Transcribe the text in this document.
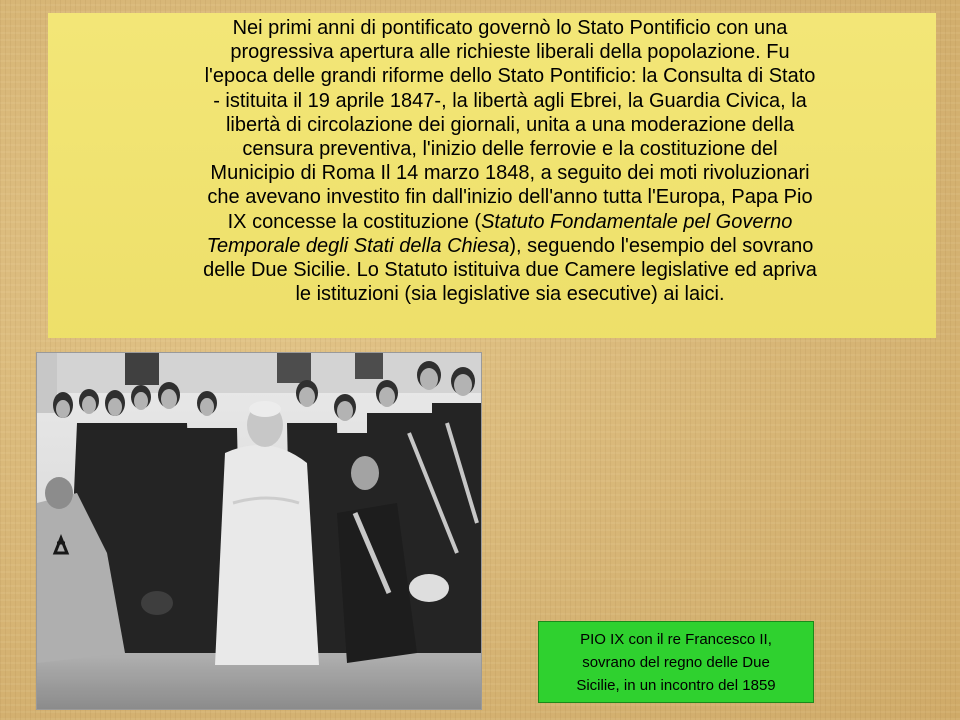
Nei primi anni di pontificato governò lo Stato Pontificio con una
progressiva apertura alle richieste liberali della popolazione. Fu
l'epoca delle grandi riforme dello Stato Pontificio: la Consulta di Stato
- istituita il 19 aprile 1847-, la libertà agli Ebrei, la Guardia Civica, la
libertà di circolazione dei giornali, unita a una moderazione della
censura preventiva, l'inizio delle ferrovie e la costituzione del
Municipio di Roma Il 14 marzo 1848, a seguito dei moti rivoluzionari
che avevano investito fin dall'inizio dell'anno tutta l'Europa, Papa Pio
IX concesse la costituzione (Statuto Fondamentale pel Governo
Temporale degli Stati della Chiesa), seguendo l'esempio del sovrano
delle Due Sicilie. Lo Statuto istituiva due Camere legislative ed apriva
le istituzioni (sia legislative sia esecutive) ai laici.

PIO IX con il re Francesco II,
sovrano del regno delle Due
Sicilie, in un incontro del 1859
